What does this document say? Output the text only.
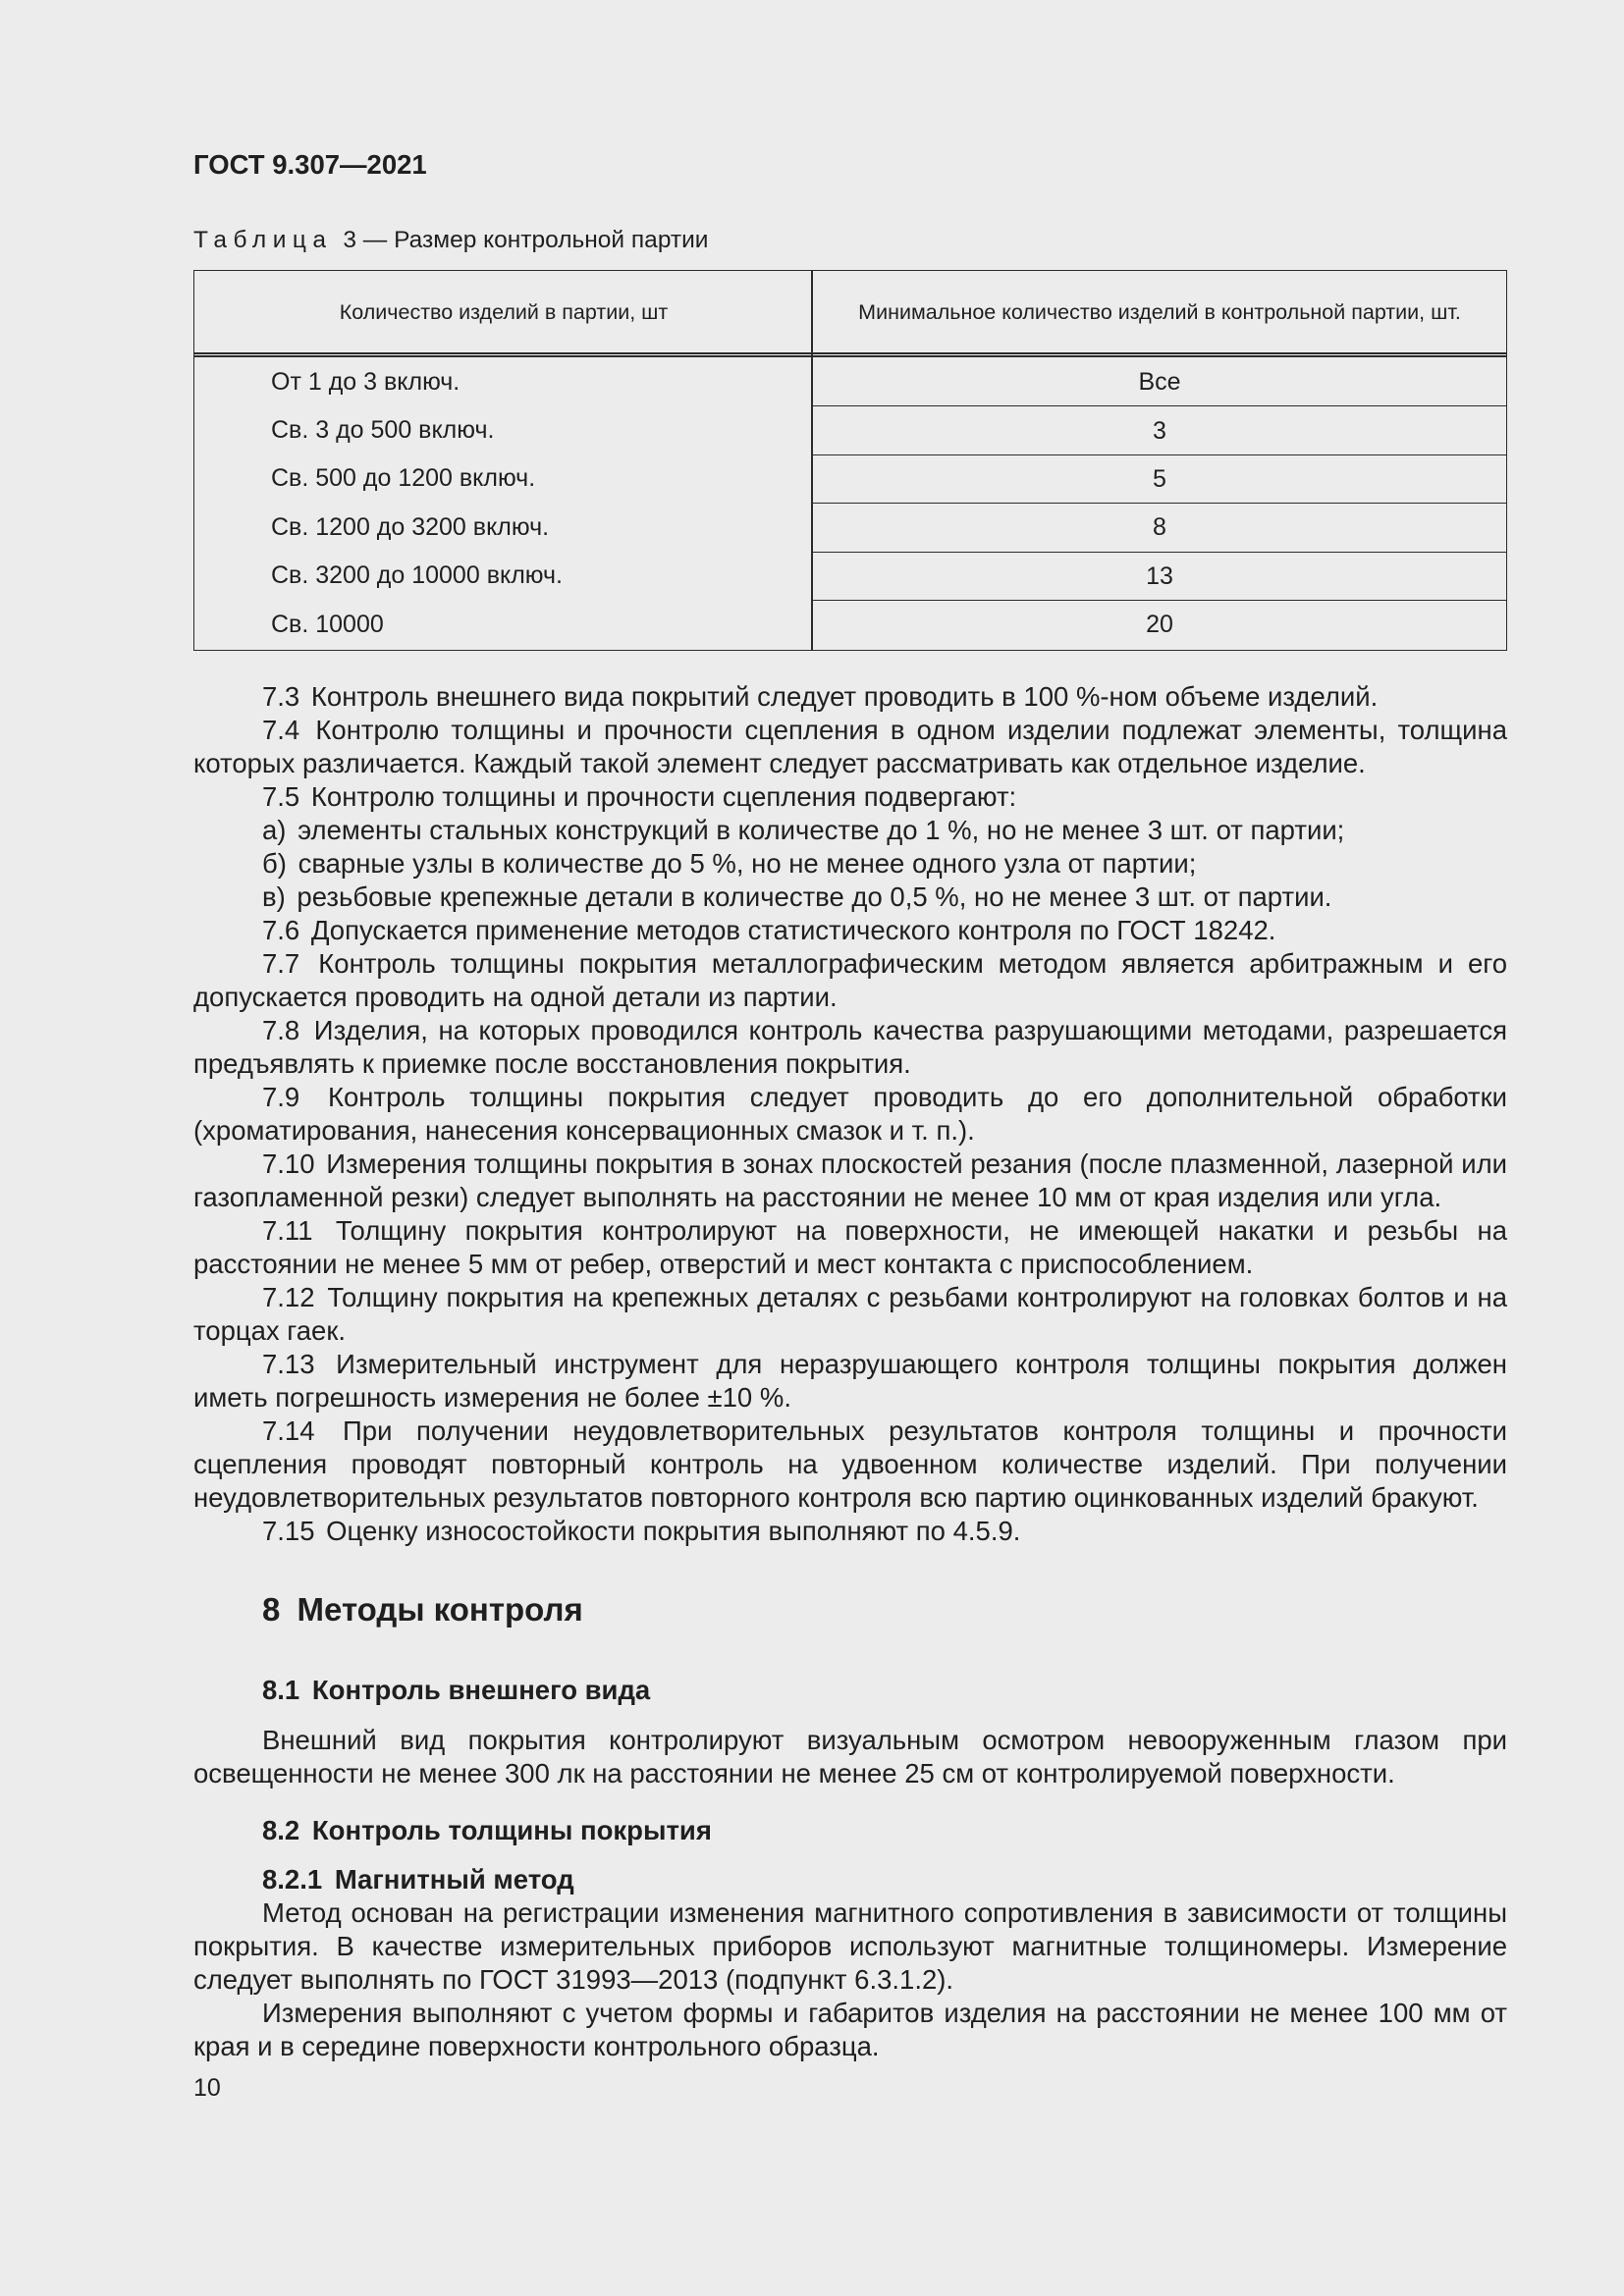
ГОСТ 9.307—2021
Таблица 3 — Размер контрольной партии
Количество изделий в партии, шт	Минимальное количество изделий в контрольной партии, шт.
От 1 до 3 включ.	Все
Св. 3 до 500 включ.	3
Св. 500 до 1200 включ.	5
Св. 1200 до 3200 включ.	8
Св. 3200 до 10000 включ.	13
Св. 10000	20

7.3 Контроль внешнего вида покрытий следует проводить в 100 %-ном объеме изделий.

7.4 Контролю толщины и прочности сцепления в одном изделии подлежат элементы, толщина которых различается. Каждый такой элемент следует рассматривать как отдельное изделие.

7.5 Контролю толщины и прочности сцепления подвергают:

а) элементы стальных конструкций в количестве до 1 %, но не менее 3 шт. от партии;

б) сварные узлы в количестве до 5 %, но не менее одного узла от партии;

в) резьбовые крепежные детали в количестве до 0,5 %, но не менее 3 шт. от партии.

7.6 Допускается применение методов статистического контроля по ГОСТ 18242.

7.7 Контроль толщины покрытия металлографическим методом является арбитражным и его допускается проводить на одной детали из партии.

7.8 Изделия, на которых проводился контроль качества разрушающими методами, разрешается предъявлять к приемке после восстановления покрытия.

7.9 Контроль толщины покрытия следует проводить до его дополнительной обработки (хроматирования, нанесения консервационных смазок и т. п.).

7.10 Измерения толщины покрытия в зонах плоскостей резания (после плазменной, лазерной или газопламенной резки) следует выполнять на расстоянии не менее 10 мм от края изделия или угла.

7.11 Толщину покрытия контролируют на поверхности, не имеющей накатки и резьбы на расстоянии не менее 5 мм от ребер, отверстий и мест контакта с приспособлением.

7.12 Толщину покрытия на крепежных деталях с резьбами контролируют на головках болтов и на торцах гаек.

7.13 Измерительный инструмент для неразрушающего контроля толщины покрытия должен иметь погрешность измерения не более ±10 %.

7.14 При получении неудовлетворительных результатов контроля толщины и прочности сцепления проводят повторный контроль на удвоенном количестве изделий. При получении неудовлетворительных результатов повторного контроля всю партию оцинкованных изделий бракуют.

7.15 Оценку износостойкости покрытия выполняют по 4.5.9.

8 Методы контроля
8.1 Контроль внешнего вида

Внешний вид покрытия контролируют визуальным осмотром невооруженным глазом при освещенности не менее 300 лк на расстоянии не менее 25 см от контролируемой поверхности.

8.2 Контроль толщины покрытия
8.2.1 Магнитный метод

Метод основан на регистрации изменения магнитного сопротивления в зависимости от толщины покрытия. В качестве измерительных приборов используют магнитные толщиномеры. Измерение следует выполнять по ГОСТ 31993—2013 (подпункт 6.3.1.2).

Измерения выполняют с учетом формы и габаритов изделия на расстоянии не менее 100 мм от края и в середине поверхности контрольного образца.

10
